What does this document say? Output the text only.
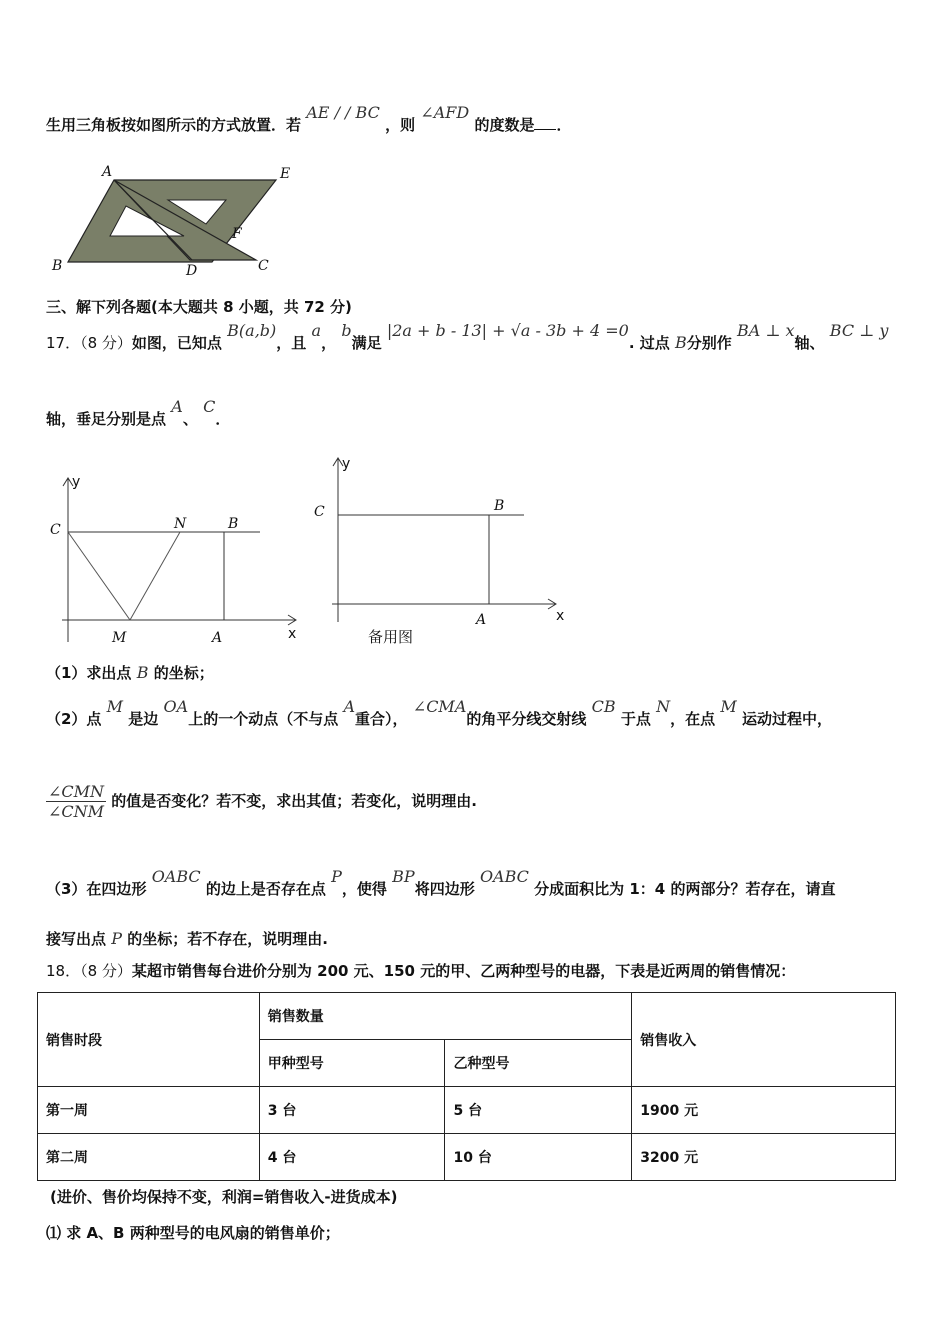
生用三角板按如图所示的方式放置．若 AE / / BC ，则 ∠AFD 的度数是 ．
A	E
F
B	D	C
三、解下列各题(本大题共 8 小题，共 72 分)
17．（8 分）如图，已知点 B(a,b)，且 a， b满足 |2a + b - 13| + √a - 3b + 4 =0. 过点 B分别作 BA ⊥ x轴、 BC ⊥ y
轴，垂足分别是点 A、 C．
y
C	N	B
M	A	x
y
C	B
A	x
备用图
（1）求出点 B 的坐标；
（2）点 M 是边 OA上的一个动点（不与点 A重合）， ∠CMA的角平分线交射线 CB 于点 N，在点 M 运动过程中，
$\frac{\text{∠CMN}}{\text{∠CNM}}$ 的值是否变化？若不变，求出其值；若变化，说明理由.
（3）在四边形 OABC 的边上是否存在点 P，使得 BP将四边形 OABC 分成面积比为 1：4 的两部分？若存在，请直
接写出点 P 的坐标；若不存在，说明理由.
18．（8 分）某超市销售每台进价分别为 200 元、150 元的甲、乙两种型号的电器，下表是近两周的销售情况：
销售时段	销售数量		销售收入
	甲种型号	乙种型号	
第一周	3 台	5 台	1900 元
第二周	4 台	10 台	3200 元
(进价、售价均保持不变，利润=销售收入-进货成本)
⑴ 求 A、B 两种型号的电风扇的销售单价；
